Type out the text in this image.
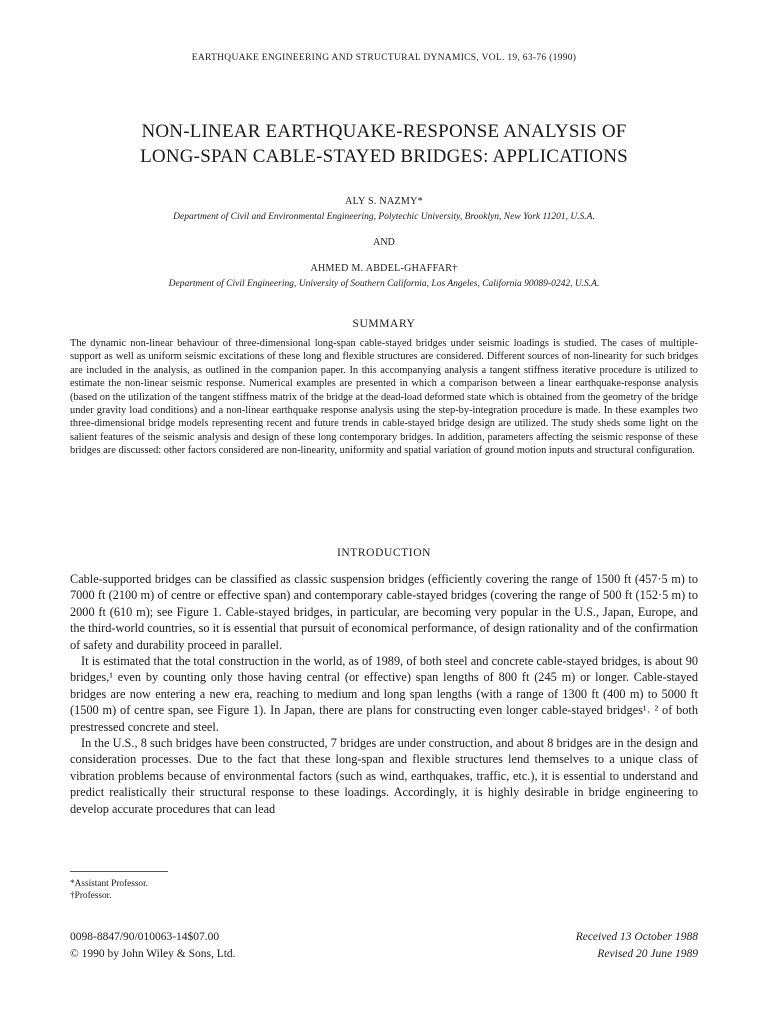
EARTHQUAKE ENGINEERING AND STRUCTURAL DYNAMICS, VOL. 19, 63-76 (1990)
NON-LINEAR EARTHQUAKE-RESPONSE ANALYSIS OF
LONG-SPAN CABLE-STAYED BRIDGES: APPLICATIONS
ALY S. NAZMY*
Department of Civil and Environmental Engineering, Polytechic University, Brooklyn, New York 11201, U.S.A.
AND
AHMED M. ABDEL-GHAFFAR†
Department of Civil Engineering, University of Southern California, Los Angeles, California 90089-0242, U.S.A.
SUMMARY
The dynamic non-linear behaviour of three-dimensional long-span cable-stayed bridges under seismic loadings is studied. The cases of multiple-support as well as uniform seismic excitations of these long and flexible structures are considered. Different sources of non-linearity for such bridges are included in the analysis, as outlined in the companion paper. In this accompanying analysis a tangent stiffness iterative procedure is utilized to estimate the non-linear seismic response. Numerical examples are presented in which a comparison between a linear earthquake-response analysis (based on the utilization of the tangent stiffness matrix of the bridge at the dead-load deformed state which is obtained from the geometry of the bridge under gravity load conditions) and a non-linear earthquake response analysis using the step-by-integration procedure is made. In these examples two three-dimensional bridge models representing recent and future trends in cable-stayed bridge design are utilized. The study sheds some light on the salient features of the seismic analysis and design of these long contemporary bridges. In addition, parameters affecting the seismic response of these bridges are discussed: other factors considered are non-linearity, uniformity and spatial variation of ground motion inputs and structural configuration.
INTRODUCTION

Cable-supported bridges can be classified as classic suspension bridges (efficiently covering the range of 1500 ft (457·5 m) to 7000 ft (2100 m) of centre or effective span) and contemporary cable-stayed bridges (covering the range of 500 ft (152·5 m) to 2000 ft (610 m); see Figure 1. Cable-stayed bridges, in particular, are becoming very popular in the U.S., Japan, Europe, and the third-world countries, so it is essential that pursuit of economical performance, of design rationality and of the confirmation of safety and durability proceed in parallel.

It is estimated that the total construction in the world, as of 1989, of both steel and concrete cable-stayed bridges, is about 90 bridges,¹ even by counting only those having central (or effective) span lengths of 800 ft (245 m) or longer. Cable-stayed bridges are now entering a new era, reaching to medium and long span lengths (with a range of 1300 ft (400 m) to 5000 ft (1500 m) of centre span, see Figure 1). In Japan, there are plans for constructing even longer cable-stayed bridges¹˒ ² of both prestressed concrete and steel.

In the U.S., 8 such bridges have been constructed, 7 bridges are under construction, and about 8 bridges are in the design and consideration processes. Due to the fact that these long-span and flexible structures lend themselves to a unique class of vibration problems because of environmental factors (such as wind, earthquakes, traffic, etc.), it is essential to understand and predict realistically their structural response to these loadings. Accordingly, it is highly desirable in bridge engineering to develop accurate procedures that can lead

*Assistant Professor.
†Professor.
0098-8847/90/010063-14$07.00
© 1990 by John Wiley & Sons, Ltd.
Received 13 October 1988
Revised 20 June 1989
